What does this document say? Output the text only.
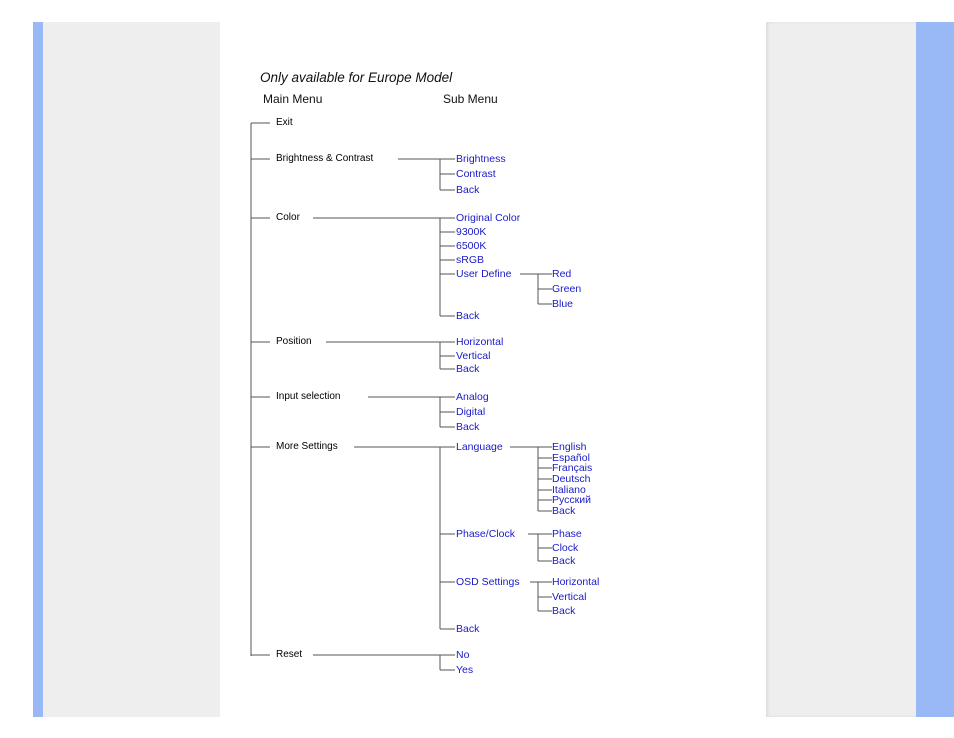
Only available for Europe Model
Main Menu	Sub Menu
Exit
Brightness & Contrast
Color
Position
Input selection
More Settings
Reset
Brightness
Contrast
Back
Original Color
9300K
6500K
sRGB
User Define
Back
Red
Green
Blue
Horizontal
Vertical
Back
Analog
Digital
Back
Language
Phase/Clock
OSD Settings
Back
English
Español
Français
Deutsch
Italiano
Русский
Back
Phase
Clock
Back
Horizontal
Vertical
Back
No
Yes
